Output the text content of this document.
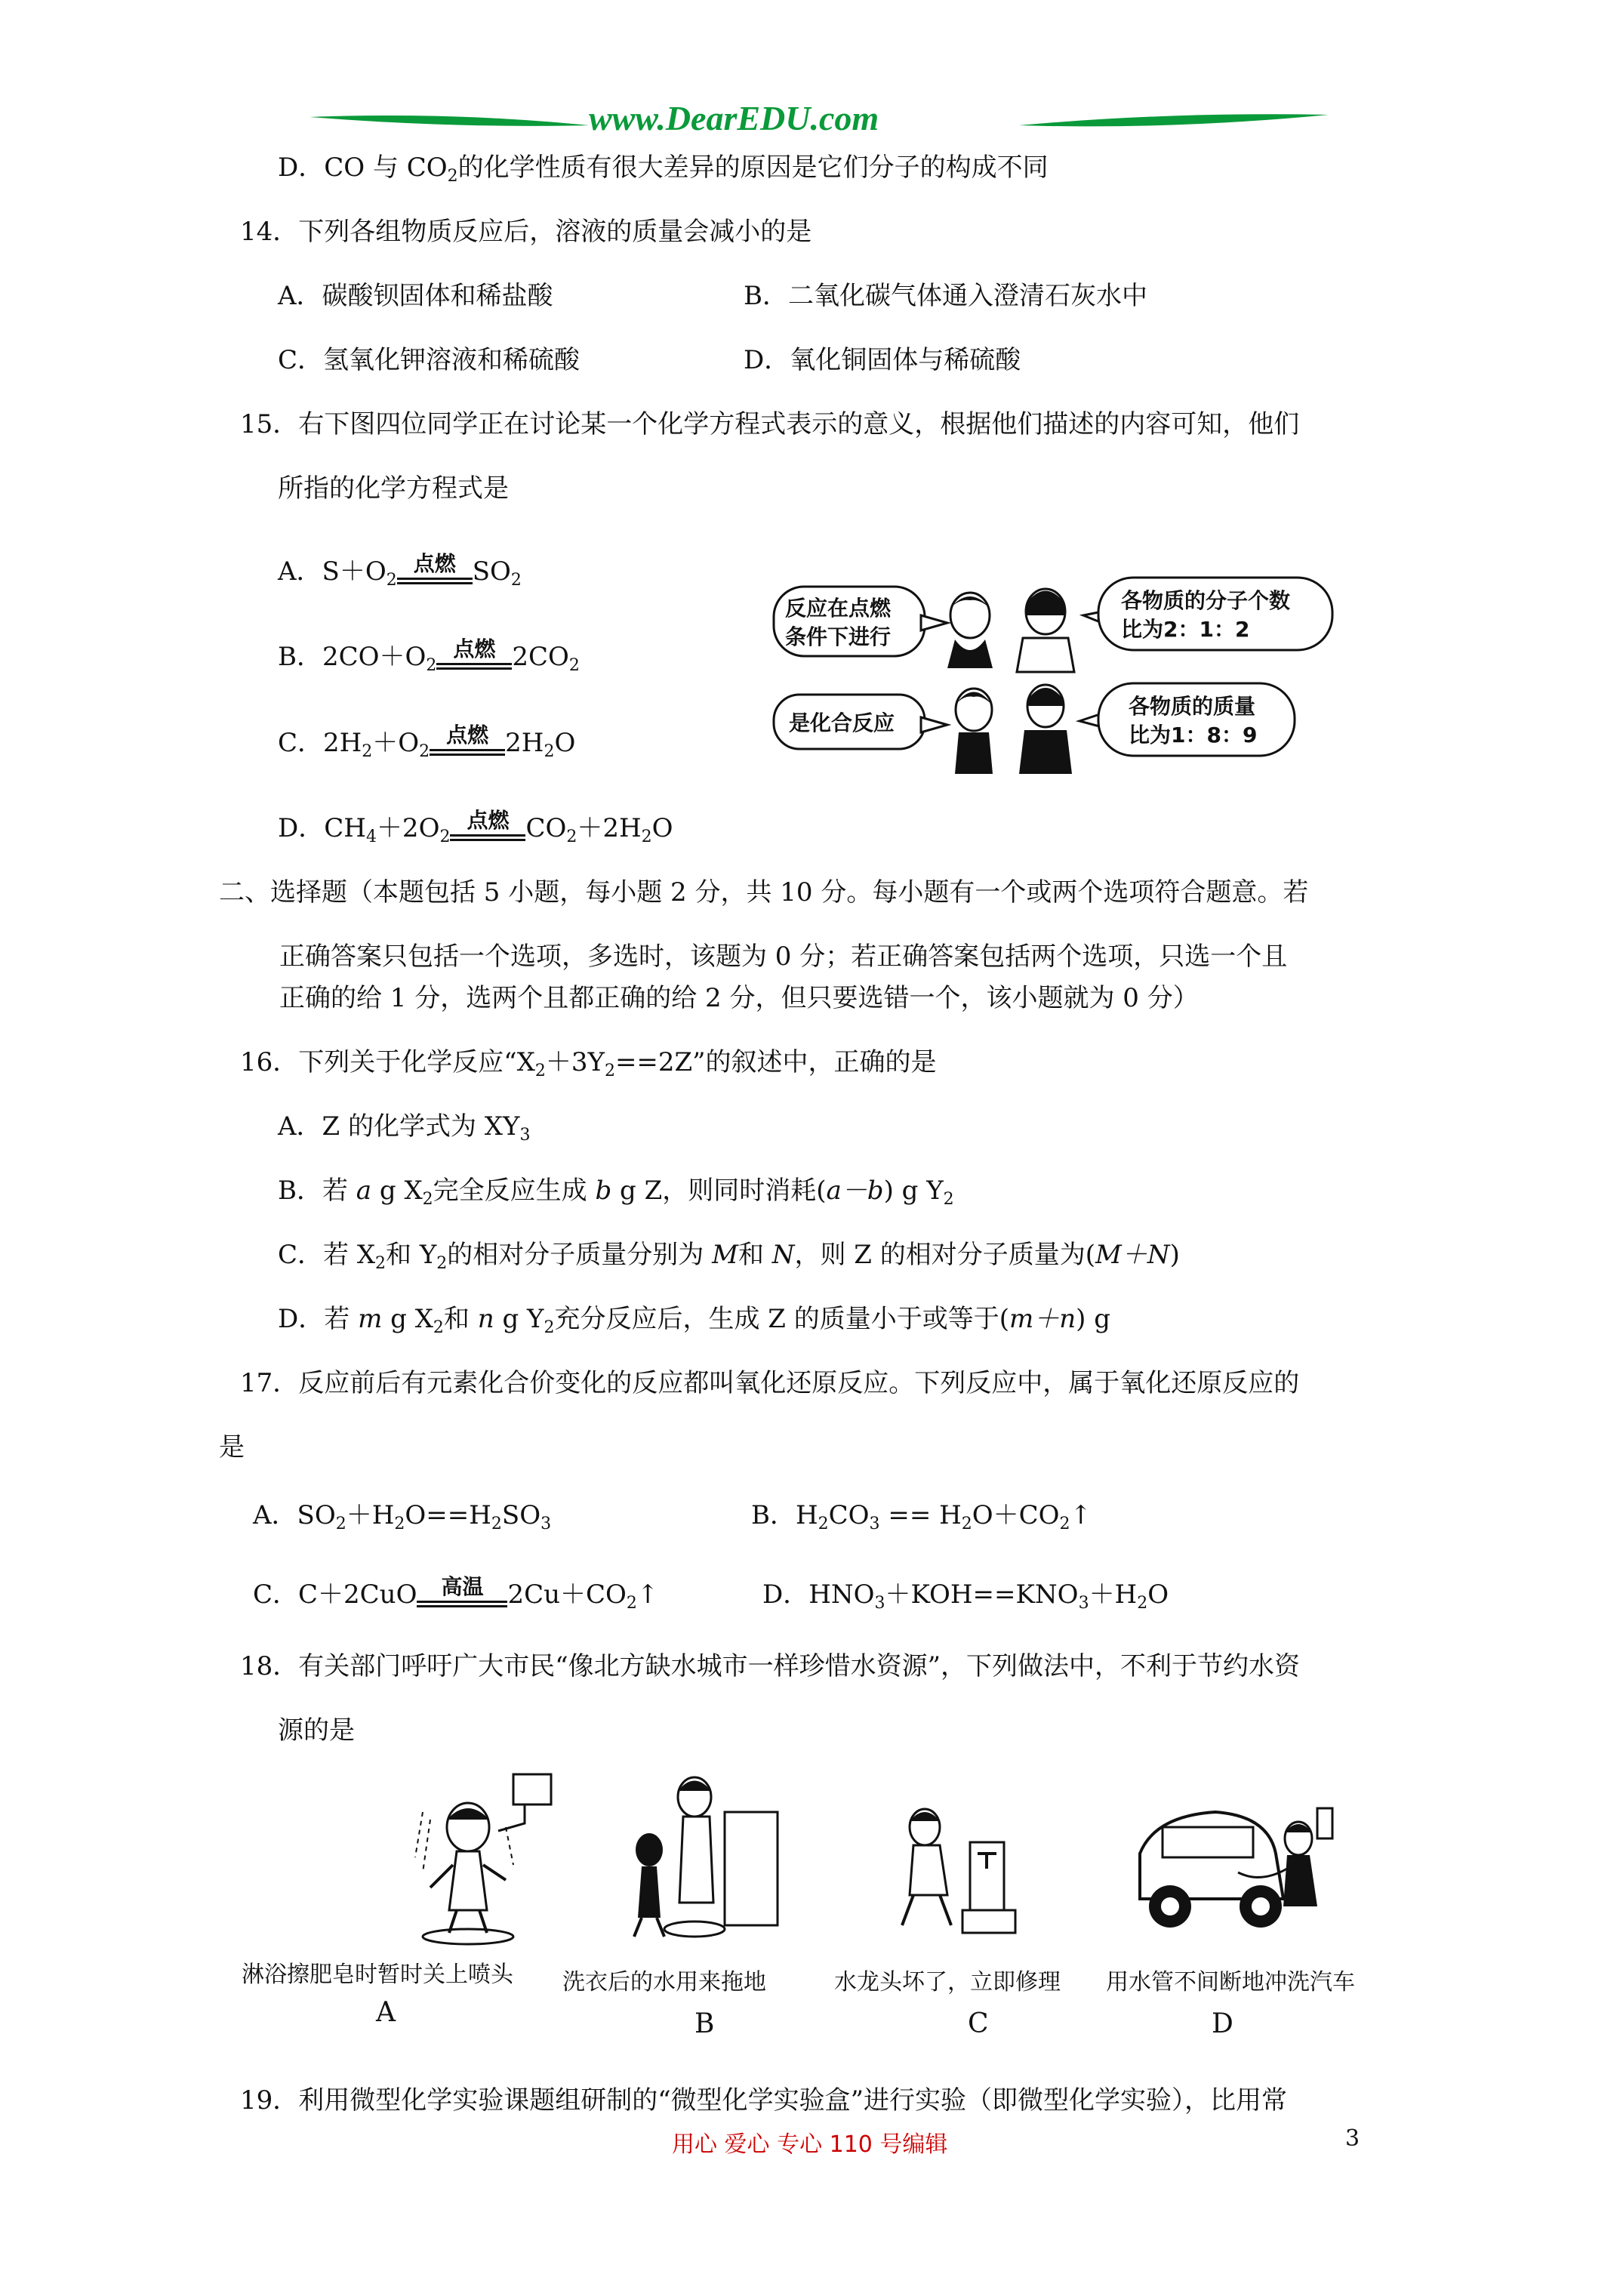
www.DearEDU.com
D．CO 与 $CO_2$的化学性质有很大差异的原因是它们分子的构成不同
14．下列各组物质反应后，溶液的质量会减小的是
A．碳酸钡固体和稀盐酸	B．二氧化碳气体通入澄清石灰水中
C．氢氧化钾溶液和稀硫酸	D．氧化铜固体与稀硫酸
15．右下图四位同学正在讨论某一个化学方程式表示的意义，根据他们描述的内容可知，他们
所指的化学方程式是
A．$S+O_2$
点燃 $SO_2$
B．$2CO+O_2$
点燃 $2CO_2$
C．$2H_2+O_2$
点燃 $2H_2O$
D．$CH_4+2O_2$
点燃 $CO_2+2H_2O$
反应在点燃
条件下进行
各物质的分子个数
比为2：1：2
是化合反应
各物质的质量
比为1：8：9
二、选择题（本题包括 5 小题，每小题 2 分，共 10 分。每小题有一个或两个选项符合题意。若
正确答案只包括一个选项，多选时，该题为 0 分；若正确答案包括两个选项，只选一个且
正确的给 1 分，选两个且都正确的给 2 分，但只要选错一个，该小题就为 0 分）
16．下列关于化学反应“$X_2+3Y_2==2Z$”的叙述中，正确的是
A．Z 的化学式为 $XY_3$
B．若 a g $X_2$完全反应生成 b g Z，则同时消耗(a－b) g $Y_2$
C．若 $X_2$和 $Y_2$的相对分子质量分别为 M和 N，则 Z 的相对分子质量为(M＋N)
D．若 m g $X_2$和 n g $Y_2$充分反应后，生成 Z 的质量小于或等于(m＋n) g
17．反应前后有元素化合价变化的反应都叫氧化还原反应。下列反应中，属于氧化还原反应的
是
A．$SO_2+H_2O==H_2SO_3$	B．$H_2CO_3$ == $H_2O+CO_2↑$
C．C＋2CuO	高温 $2Cu+CO_2↑$	D．$HNO_3+KOH==KNO_3+H_2O$
18．有关部门呼吁广大市民“像北方缺水城市一样珍惜水资源”，下列做法中，不利于节约水资
源的是
淋浴擦肥皂时暂时关上喷头
A
洗衣后的水用来拖地
B
水龙头坏了，立即修理
C
用水管不间断地冲洗汽车
D
19．利用微型化学实验课题组研制的“微型化学实验盒”进行实验（即微型化学实验），比用常
用心 爱心 专心 110 号编辑	3
